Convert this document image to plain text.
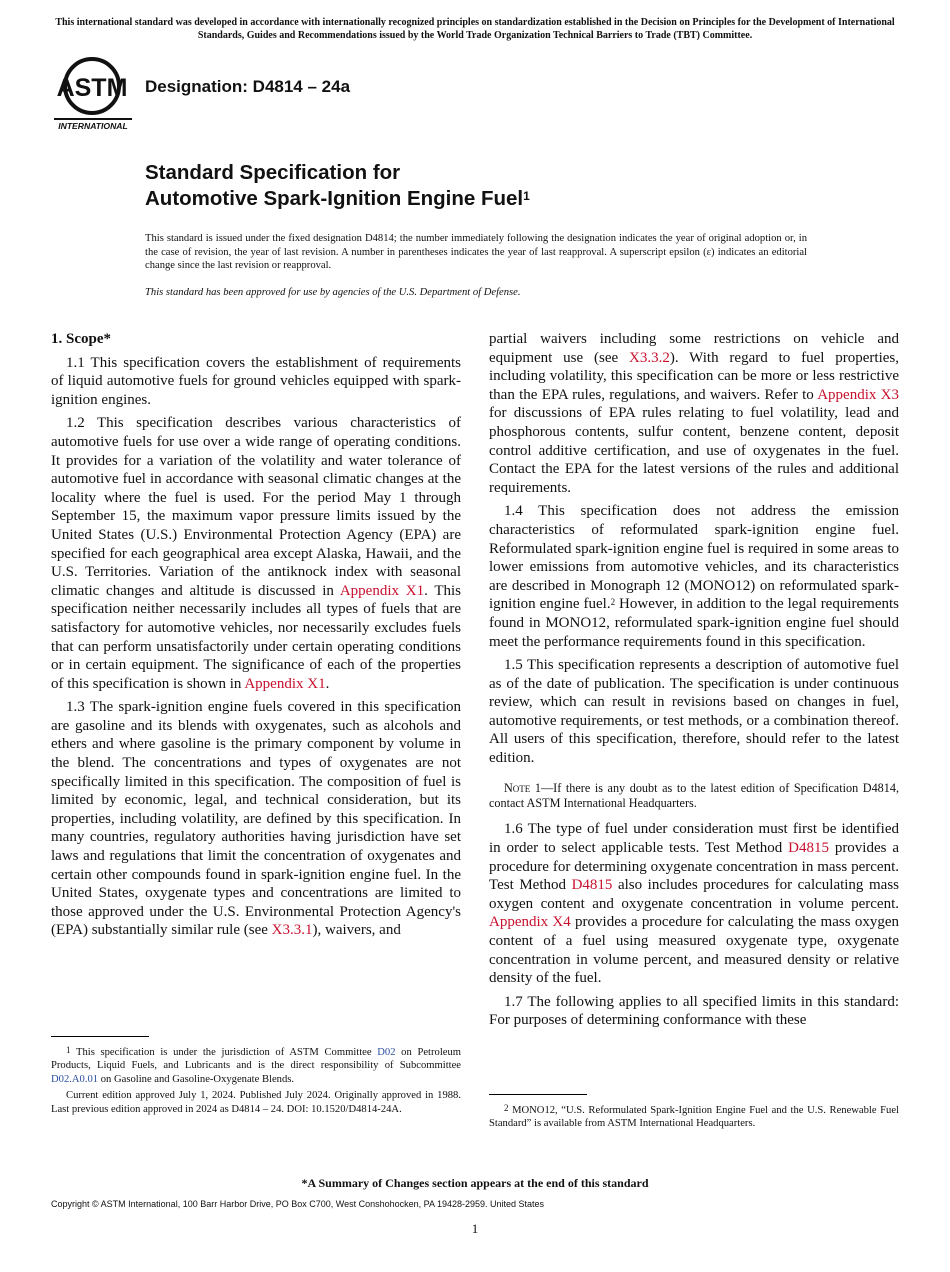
This international standard was developed in accordance with internationally recognized principles on standardization established in the Decision on Principles for the Development of International Standards, Guides and Recommendations issued by the World Trade Organization Technical Barriers to Trade (TBT) Committee.
ASTM
INTERNATIONAL
Designation: D4814 – 24a
Standard Specification for
Automotive Spark-Ignition Engine Fuel$^1$
This standard is issued under the fixed designation D4814; the number immediately following the designation indicates the year of original adoption or, in the case of revision, the year of last revision. A number in parentheses indicates the year of last reapproval. A superscript epsilon (ε) indicates an editorial change since the last revision or reapproval.
This standard has been approved for use by agencies of the U.S. Department of Defense.
1. Scope*

1.1 This specification covers the establishment of requirements of liquid automotive fuels for ground vehicles equipped with spark-ignition engines.

1.2 This specification describes various characteristics of automotive fuels for use over a wide range of operating conditions. It provides for a variation of the volatility and water tolerance of automotive fuel in accordance with seasonal climatic changes at the locality where the fuel is used. For the period May 1 through September 15, the maximum vapor pressure limits issued by the United States (U.S.) Environmental Protection Agency (EPA) are specified for each geographical area except Alaska, Hawaii, and the U.S. Territories. Variation of the antiknock index with seasonal climatic changes and altitude is discussed in Appendix X1. This specification neither necessarily includes all types of fuels that are satisfactory for automotive vehicles, nor necessarily excludes fuels that can perform unsatisfactorily under certain operating conditions or in certain equipment. The significance of each of the properties of this specification is shown in Appendix X1.

1.3 The spark-ignition engine fuels covered in this specification are gasoline and its blends with oxygenates, such as alcohols and ethers and where gasoline is the primary component by volume in the blend. The concentrations and types of oxygenates are not specifically limited in this specification. The composition of fuel is limited by economic, legal, and technical consideration, but its properties, including volatility, are defined by this specification. In many countries, regulatory authorities having jurisdiction have set laws and regulations that limit the concentration of oxygenates and certain other compounds found in spark-ignition engine fuel. In the United States, oxygenate types and concentrations are limited to those approved under the U.S. Environmental Protection Agency's (EPA) substantially similar rule (see X3.3.1), waivers, and

partial waivers including some restrictions on vehicle and equipment use (see X3.3.2). With regard to fuel properties, including volatility, this specification can be more or less restrictive than the EPA rules, regulations, and waivers. Refer to Appendix X3 for discussions of EPA rules relating to fuel volatility, lead and phosphorous contents, sulfur content, benzene content, deposit control additive certification, and use of oxygenates in the fuel. Contact the EPA for the latest versions of the rules and additional requirements.

1.4 This specification does not address the emission characteristics of reformulated spark-ignition engine fuel. Reformulated spark-ignition engine fuel is required in some areas to lower emissions from automotive vehicles, and its characteristics are described in Monograph 12 (MONO12) on reformulated spark-ignition engine fuel.$^2$ However, in addition to the legal requirements found in MONO12, reformulated spark-ignition engine fuel should meet the performance requirements found in this specification.

1.5 This specification represents a description of automotive fuel as of the date of publication. The specification is under continuous review, which can result in revisions based on changes in fuel, automotive requirements, or test methods, or a combination thereof. All users of this specification, therefore, should refer to the latest edition.

Note 1—If there is any doubt as to the latest edition of Specification D4814, contact ASTM International Headquarters.

1.6 The type of fuel under consideration must first be identified in order to select applicable tests. Test Method D4815 provides a procedure for determining oxygenate concentration in mass percent. Test Method D4815 also includes procedures for calculating mass oxygen content and oxygenate concentration in volume percent. Appendix X4 provides a procedure for calculating the mass oxygen content of a fuel using measured oxygenate type, oxygenate concentration in volume percent, and measured density or relative density of the fuel.

1.7 The following applies to all specified limits in this standard: For purposes of determining conformance with these

$^1$ This specification is under the jurisdiction of ASTM Committee D02 on Petroleum Products, Liquid Fuels, and Lubricants and is the direct responsibility of Subcommittee D02.A0.01 on Gasoline and Gasoline-Oxygenate Blends.

Current edition approved July 1, 2024. Published July 2024. Originally approved in 1988. Last previous edition approved in 2024 as D4814 – 24. DOI: 10.1520/D4814-24A.	$^2$ MONO12, “U.S. Reformulated Spark-Ignition Engine Fuel and the U.S. Renewable Fuel Standard” is available from ASTM International Headquarters.

*A Summary of Changes section appears at the end of this standard
Copyright © ASTM International, 100 Barr Harbor Drive, PO Box C700, West Conshohocken, PA 19428-2959. United States
1
